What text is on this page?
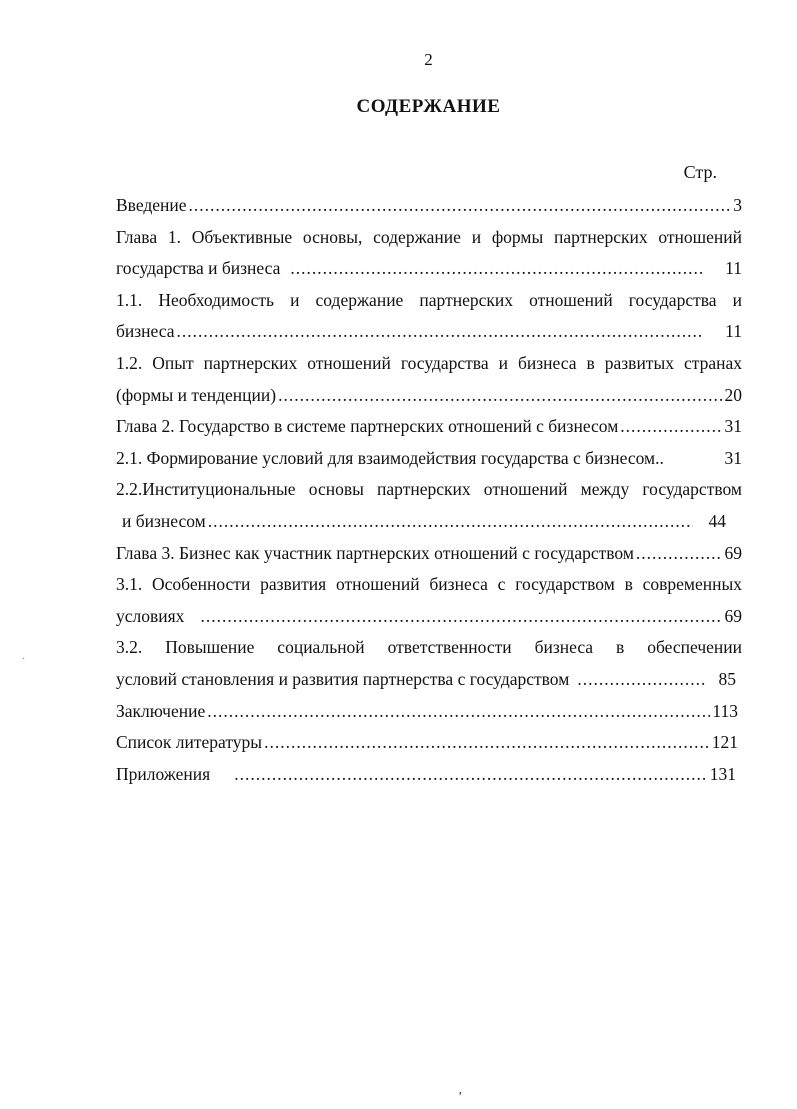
2
СОДЕРЖАНИЕ
Стр.
Введение .....	3
Глава 1. Объективные основы, содержание и формы партнерских отношений
государства и бизнеса .....	11
1.1. Необходимость и содержание партнерских отношений государства и
бизнеса .....	11
1.2. Опыт партнерских отношений государства и бизнеса в развитых странах
(формы и тенденции) .....	20
Глава 2. Государство в системе партнерских отношений с бизнесом .....	31
2.1. Формирование условий для взаимодействия государства с бизнесом..	31
2.2.Институциональные основы партнерских отношений между государством
и бизнесом .....	44
Глава 3. Бизнес как участник партнерских отношений с государством .....	69
3.1. Особенности развития отношений бизнеса с государством в современных
условиях .....	69
3.2. Повышение социальной ответственности бизнеса в обеспечении
условий становления и развития партнерства с государством .....	85
Заключение .....	113
Список литературы .....	121
Приложения .....	131
·
'
